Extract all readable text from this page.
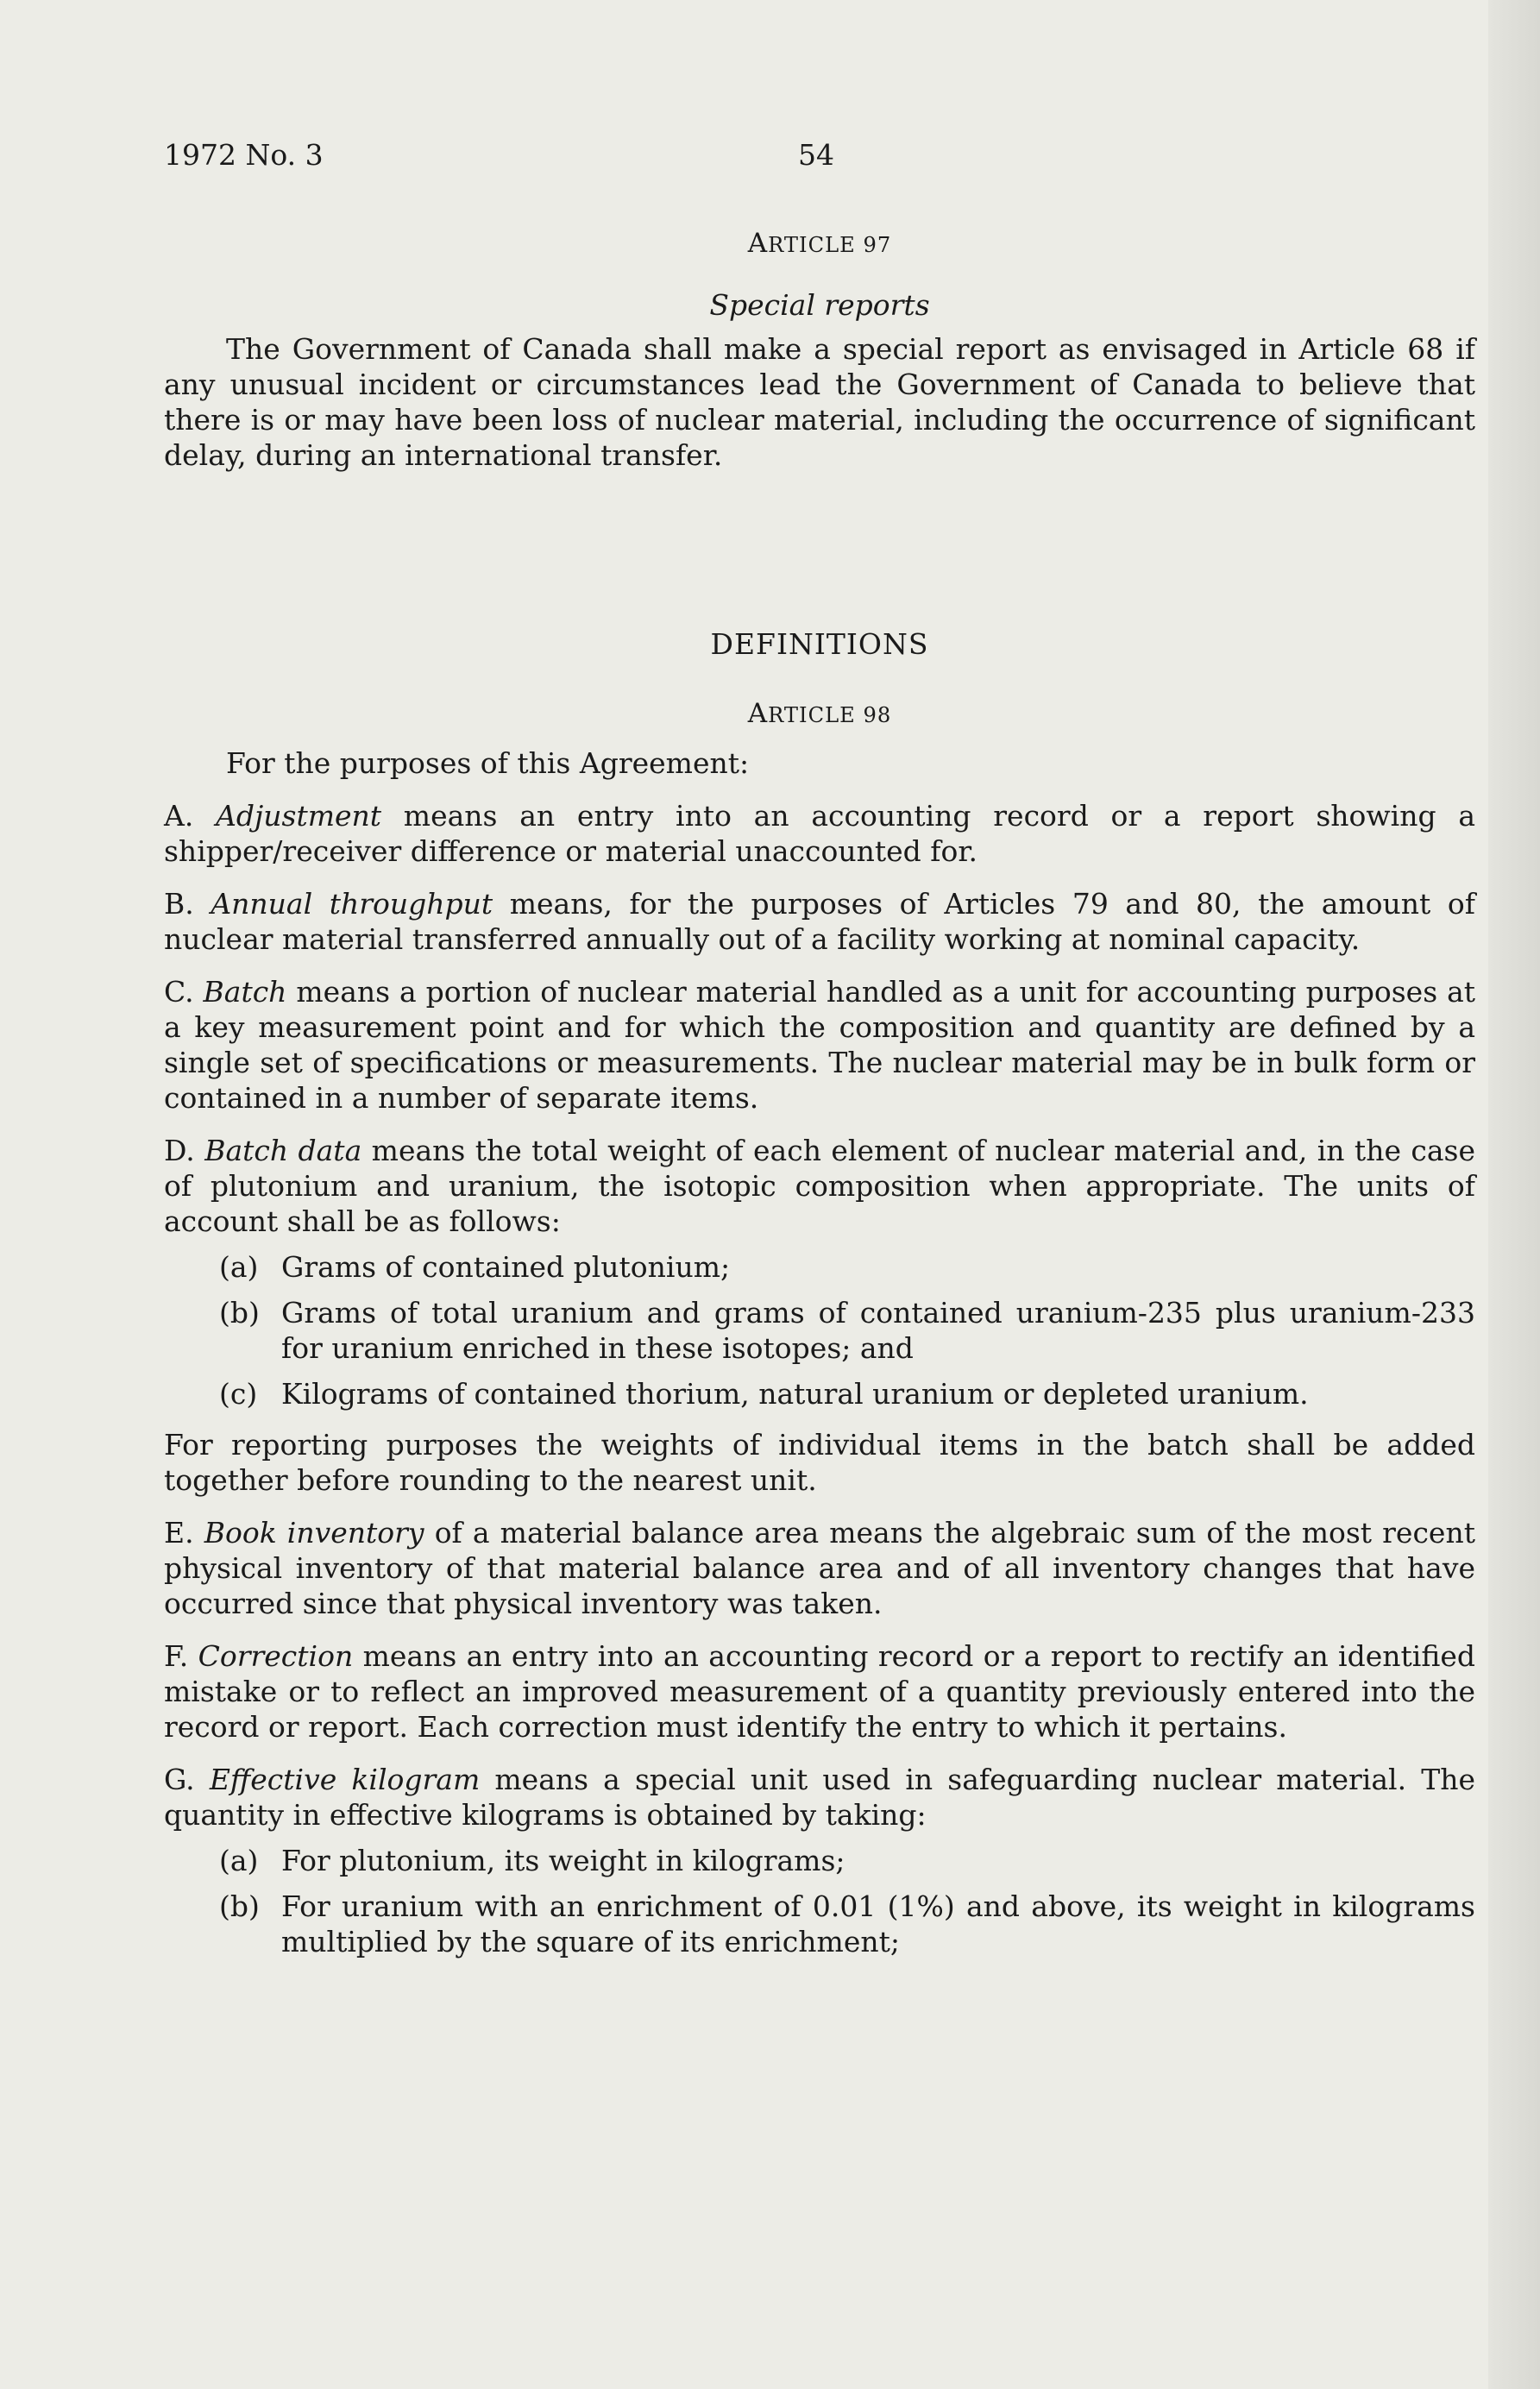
1972 No. 3	54
ARTICLE 97
Special reports

The Government of Canada shall make a special report as envisaged in Article 68 if any unusual incident or circumstances lead the Government of Canada to believe that there is or may have been loss of nuclear material, including the occurrence of significant delay, during an international transfer.

DEFINITIONS
ARTICLE 98

For the purposes of this Agreement:

A. Adjustment means an entry into an accounting record or a report showing a shipper/receiver difference or material unaccounted for.

B. Annual throughput means, for the purposes of Articles 79 and 80, the amount of nuclear material transferred annually out of a facility working at nominal capacity.

C. Batch means a portion of nuclear material handled as a unit for accounting purposes at a key measurement point and for which the composition and quantity are defined by a single set of specifications or measurements. The nuclear material may be in bulk form or contained in a number of separate items.

D. Batch data means the total weight of each element of nuclear material and, in the case of plutonium and uranium, the isotopic composition when appropriate. The units of account shall be as follows:

(a) Grams of contained plutonium;
(b) Grams of total uranium and grams of contained uranium-235 plus uranium-233 for uranium enriched in these isotopes; and
(c) Kilograms of contained thorium, natural uranium or depleted uranium.

For reporting purposes the weights of individual items in the batch shall be added together before rounding to the nearest unit.

E. Book inventory of a material balance area means the algebraic sum of the most recent physical inventory of that material balance area and of all inventory changes that have occurred since that physical inventory was taken.

F. Correction means an entry into an accounting record or a report to rectify an identified mistake or to reflect an improved measurement of a quantity previously entered into the record or report. Each correction must identify the entry to which it pertains.

G. Effective kilogram means a special unit used in safeguarding nuclear material. The quantity in effective kilograms is obtained by taking:

(a) For plutonium, its weight in kilograms;
(b) For uranium with an enrichment of 0.01 (1%) and above, its weight in kilograms multiplied by the square of its enrichment;
